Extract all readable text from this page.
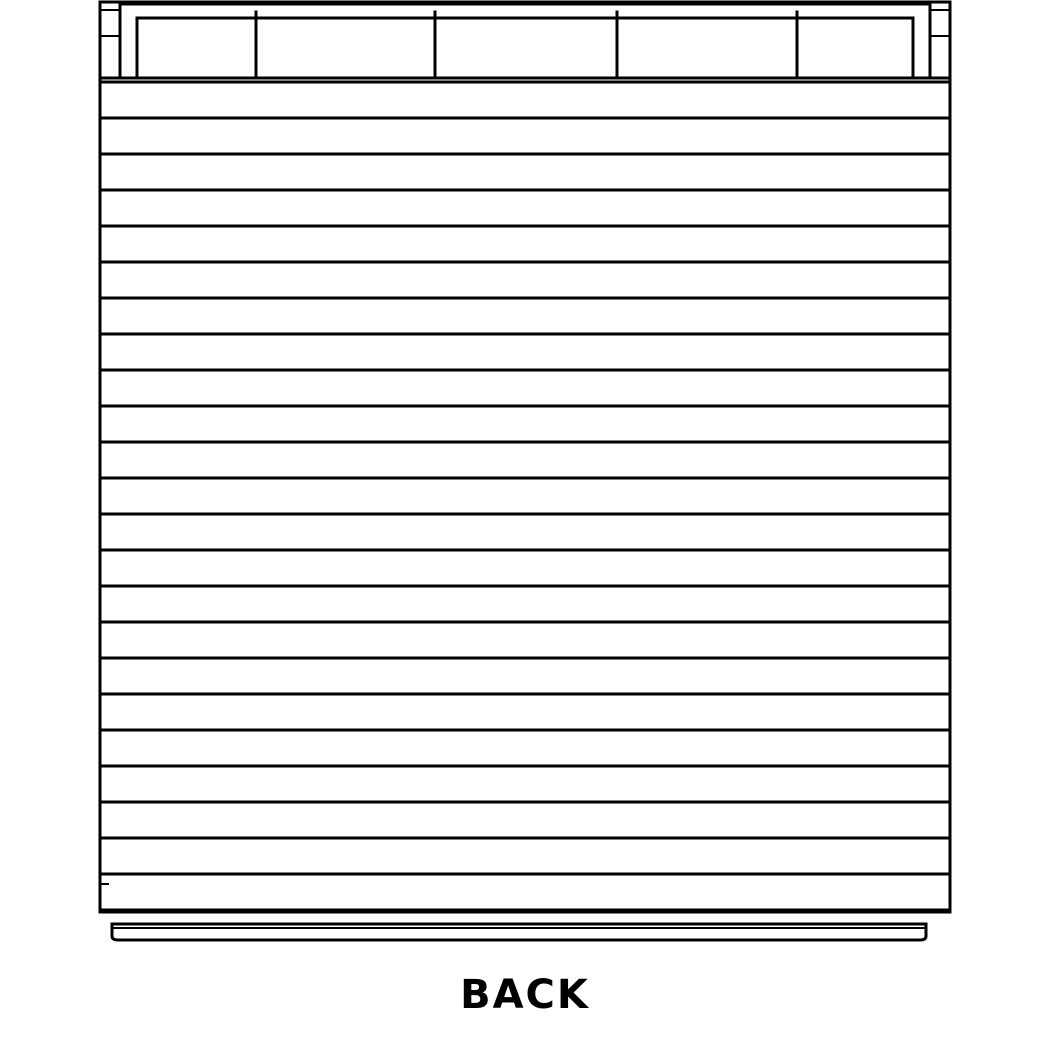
BACK
